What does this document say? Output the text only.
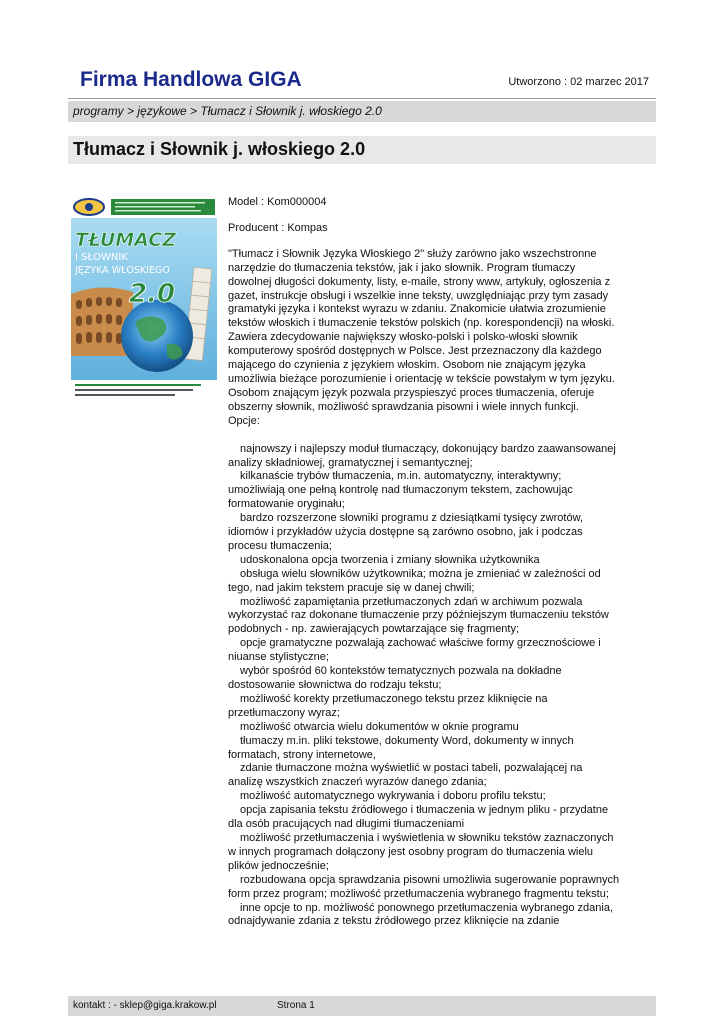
Firma Handlowa GIGA	Utworzono : 02 marzec 2017
programy > językowe > Tłumacz i Słownik j. włoskiego 2.0
Tłumacz i Słownik j. włoskiego 2.0
TŁUMACZ
I SŁOWNIK
JĘZYKA WŁOSKIEGO
2.0

Model : Kom000004

Producent : Kompas

"Tłumacz i Słownik Języka Włoskiego 2" służy zarówno jako wszechstronne narzędzie do tłumaczenia tekstów, jak i jako słownik. Program tłumaczy dowolnej długości dokumenty, listy, e-maile, strony www, artykuły, ogłoszenia z gazet, instrukcje obsługi i wszelkie inne teksty, uwzględniając przy tym zasady gramatyki języka i kontekst wyrazu w zdaniu. Znakomicie ułatwia zrozumienie tekstów włoskich i tłumaczenie tekstów polskich (np. korespondencji) na włoski. Zawiera zdecydowanie największy włosko-polski i polsko-włoski słownik komputerowy spośród dostępnych w Polsce. Jest przeznaczony dla każdego mającego do czynienia z językiem włoskim. Osobom nie znającym języka umożliwia bieżące porozumienie i orientację w tekście powstałym w tym języku. Osobom znającym język pozwala przyspieszyć proces tłumaczenia, oferuje obszerny słownik, możliwość sprawdzania pisowni i wiele innych funkcji.

Opcje:

najnowszy i najlepszy moduł tłumaczący, dokonujący bardzo zaawansowanej analizy składniowej, gramatycznej i semantycznej;
kilkanaście trybów tłumaczenia, m.in. automatyczny, interaktywny; umożliwiają one pełną kontrolę nad tłumaczonym tekstem, zachowując formatowanie oryginału;
bardzo rozszerzone słowniki programu z dziesiątkami tysięcy zwrotów, idiomów i przykładów użycia dostępne są zarówno osobno, jak i podczas procesu tłumaczenia;
udoskonalona opcja tworzenia i zmiany słownika użytkownika
obsługa wielu słowników użytkownika; można je zmieniać w zależności od tego, nad jakim tekstem pracuje się w danej chwili;
możliwość zapamiętania przetłumaczonych zdań w archiwum pozwala wykorzystać raz dokonane tłumaczenie przy późniejszym tłumaczeniu tekstów podobnych - np. zawierających powtarzające się fragmenty;
opcje gramatyczne pozwalają zachować właściwe formy grzecznościowe i niuanse stylistyczne;
wybór spośród 60 kontekstów tematycznych pozwala na dokładne dostosowanie słownictwa do rodzaju tekstu;
możliwość korekty przetłumaczonego tekstu przez kliknięcie na przetłumaczony wyraz;
możliwość otwarcia wielu dokumentów w oknie programu
tłumaczy m.in. pliki tekstowe, dokumenty Word, dokumenty w innych formatach, strony internetowe,
zdanie tłumaczone można wyświetlić w postaci tabeli, pozwalającej na analizę wszystkich znaczeń wyrazów danego zdania;
możliwość automatycznego wykrywania i doboru profilu tekstu;
opcja zapisania tekstu źródłowego i tłumaczenia w jednym pliku - przydatne dla osób pracujących nad długimi tłumaczeniami
możliwość przetłumaczenia i wyświetlenia w słowniku tekstów zaznaczonych w innych programach dołączony jest osobny program do tłumaczenia wielu plików jednocześnie;
rozbudowana opcja sprawdzania pisowni umożliwia sugerowanie poprawnych form przez program; możliwość przetłumaczenia wybranego fragmentu tekstu;
inne opcje to np. możliwość ponownego przetłumaczenia wybranego zdania, odnajdywanie zdania z tekstu źródłowego przez kliknięcie na zdanie
kontakt : - sklep@giga.krakow.pl	Strona 1
